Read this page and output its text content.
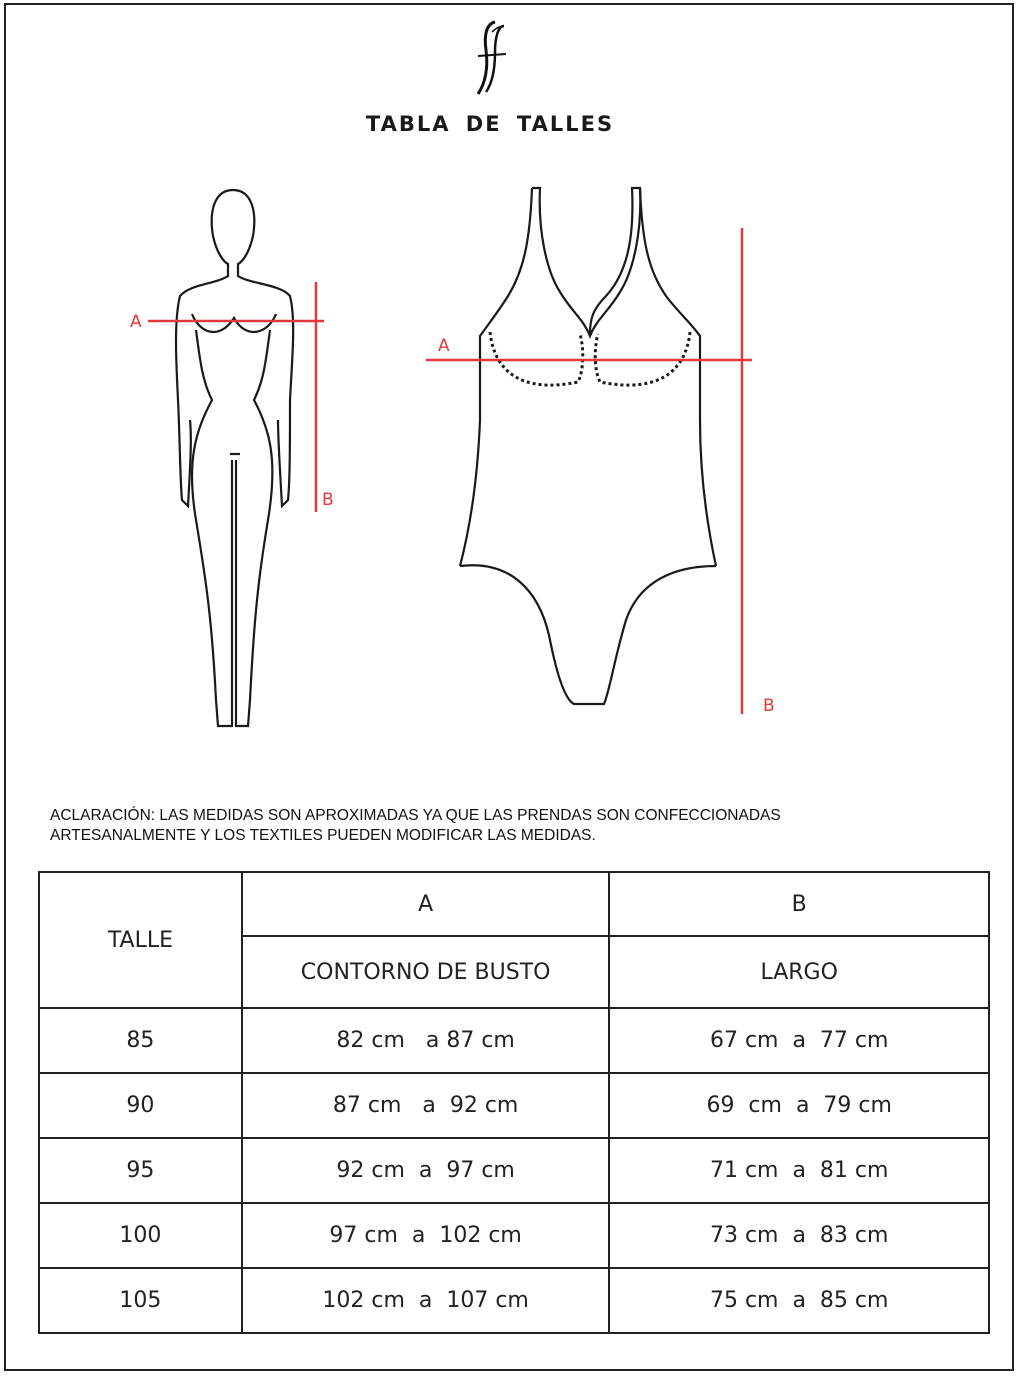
TABLA DE TALLES
A
B
A
B
ACLARACIÓN: LAS MEDIDAS SON APROXIMADAS YA QUE LAS PRENDAS SON CONFECCIONADAS
ARTESANALMENTE Y LOS TEXTILES PUEDEN MODIFICAR LAS MEDIDAS.
TALLE	A	B
	CONTORNO DE BUSTO	LARGO
85	82 cm   a 87 cm	67 cm  a  77 cm
90	87 cm   a  92 cm	69  cm  a  79 cm
95	92 cm  a  97 cm	71 cm  a  81 cm
100	97 cm  a  102 cm	73 cm  a  83 cm
105	102 cm  a  107 cm	75 cm  a  85 cm
